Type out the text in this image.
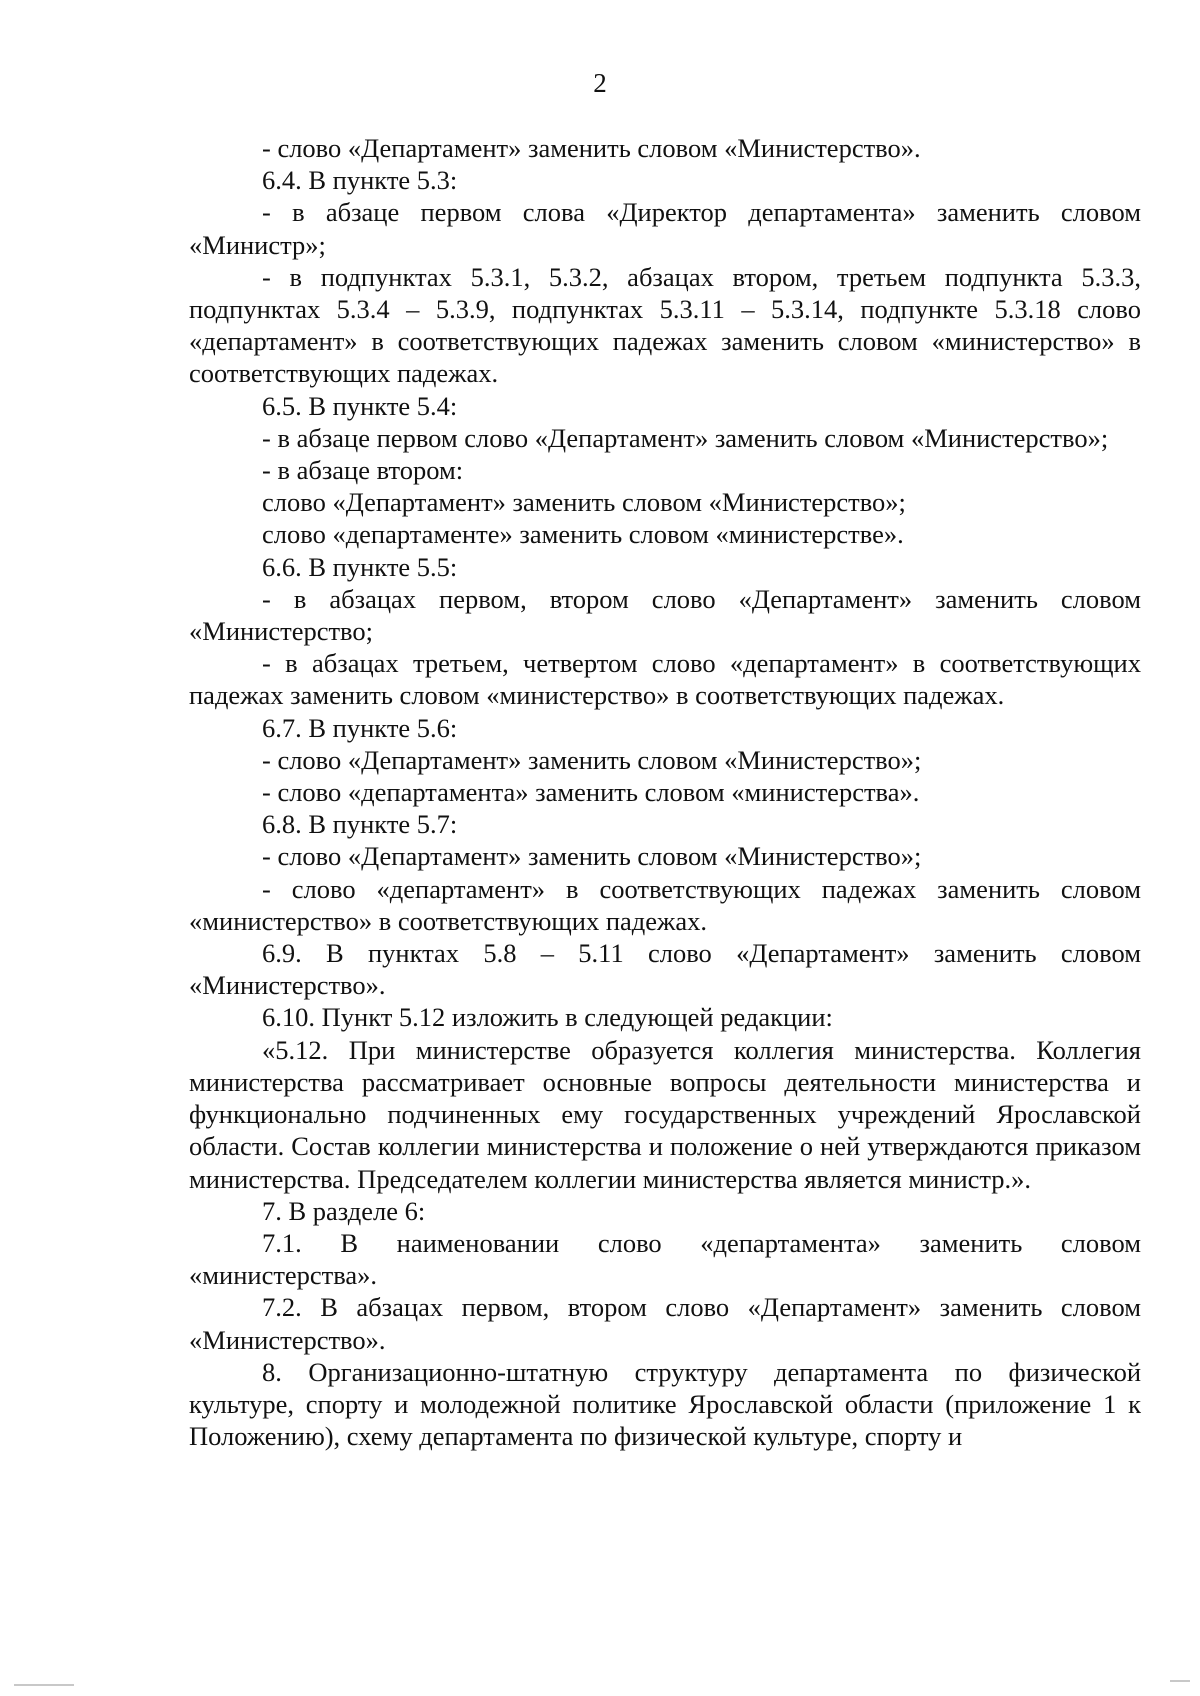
2

- слово «Департамент» заменить словом «Министерство».

6.4. В пункте 5.3:

- в абзаце первом слова «Директор департамента» заменить словом «Министр»;

- в подпунктах 5.3.1, 5.3.2, абзацах втором, третьем подпункта 5.3.3, подпунктах 5.3.4 – 5.3.9, подпунктах 5.3.11 – 5.3.14, подпункте 5.3.18 слово «департамент» в соответствующих падежах заменить словом «министерство» в соответствующих падежах.

6.5. В пункте 5.4:

- в абзаце первом слово «Департамент» заменить словом «Министерство»;

- в абзаце втором:

слово «Департамент» заменить словом «Министерство»;

слово «департаменте» заменить словом «министерстве».

6.6. В пункте 5.5:

- в абзацах первом, втором слово «Департамент» заменить словом «Министерство;

- в абзацах третьем, четвертом слово «департамент» в соответствующих падежах заменить словом «министерство» в соответствующих падежах.

6.7. В пункте 5.6:

- слово «Департамент» заменить словом «Министерство»;

- слово «департамента» заменить словом «министерства».

6.8. В пункте 5.7:

- слово «Департамент» заменить словом «Министерство»;

- слово «департамент» в соответствующих падежах заменить словом «министерство» в соответствующих падежах.

6.9. В пунктах 5.8 – 5.11 слово «Департамент» заменить словом «Министерство».

6.10. Пункт 5.12 изложить в следующей редакции:

«5.12. При министерстве образуется коллегия министерства. Коллегия министерства рассматривает основные вопросы деятельности министерства и функционально подчиненных ему государственных учреждений Ярославской области. Состав коллегии министерства и положение о ней утверждаются приказом министерства. Председателем коллегии министерства является министр.».

7. В разделе 6:

7.1. В наименовании слово «департамента» заменить словом «министерства».

7.2. В абзацах первом, втором слово «Департамент» заменить словом «Министерство».

8. Организационно-штатную структуру департамента по физической культуре, спорту и молодежной политике Ярославской области (приложение 1 к Положению), схему департамента по физической культуре, спорту и
